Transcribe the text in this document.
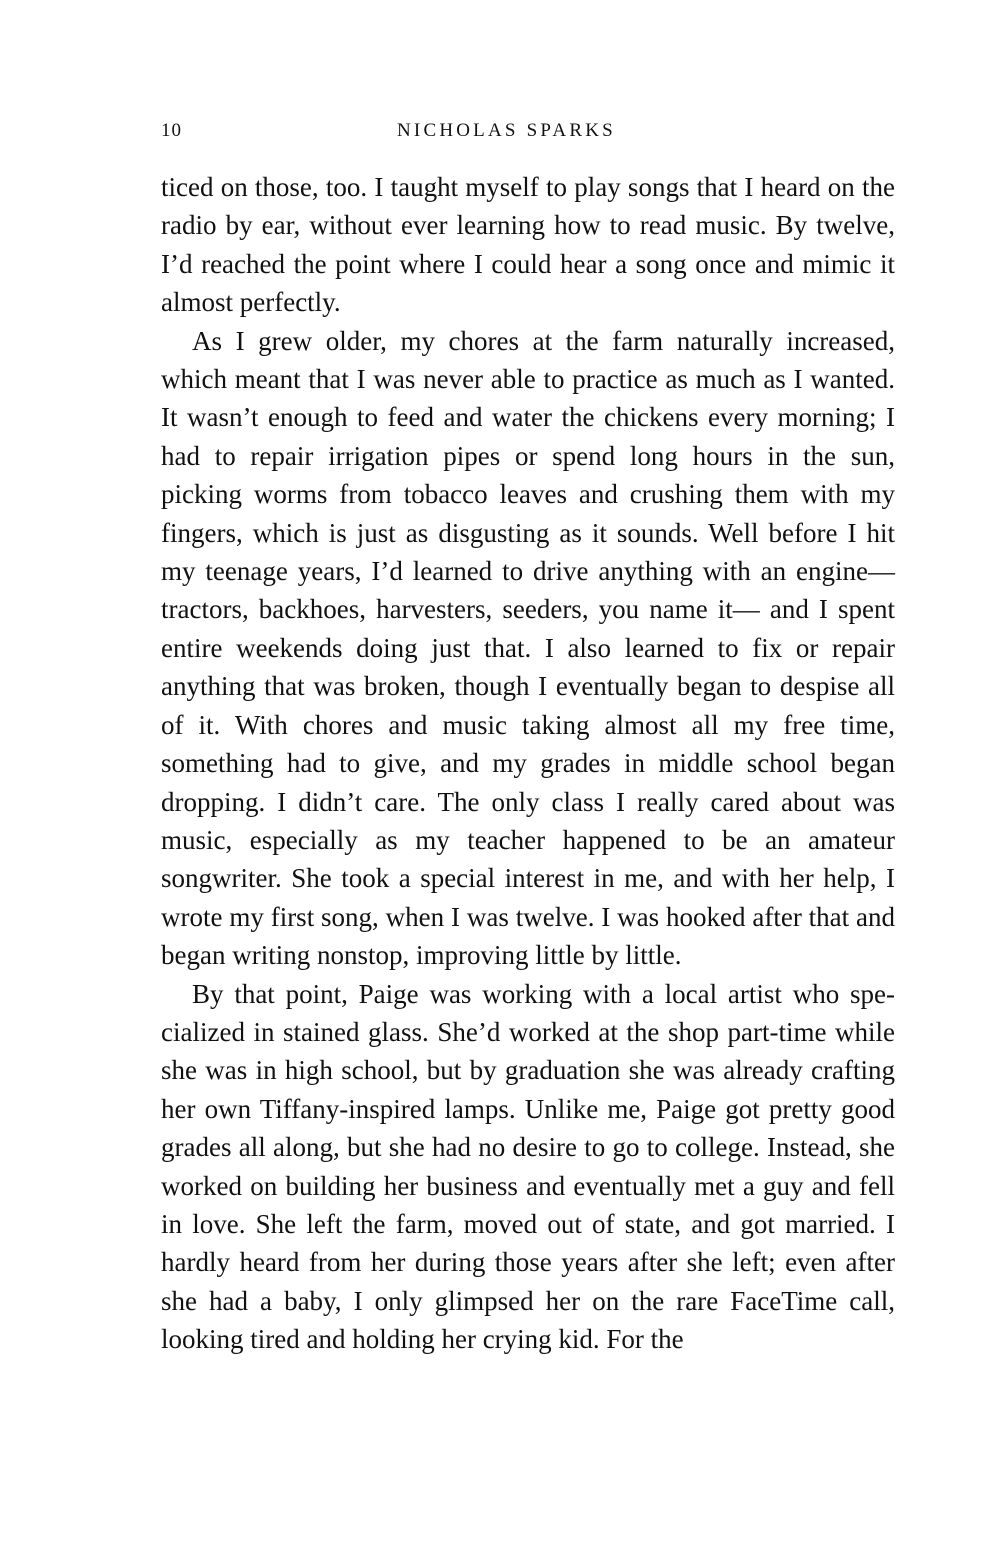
10	NICHOLAS SPARKS

ticed on those, too. I taught myself to play songs that I heard on the radio by ear, without ever learning how to read music. By twelve, I’d reached the point where I could hear a song once and mimic it almost perfectly.

As I grew older, my chores at the farm naturally increased, which meant that I was never able to practice as much as I wanted. It wasn’t enough to feed and water the chickens every morning; I had to repair irrigation pipes or spend long hours in the sun, picking worms from tobacco leaves and crushing them with my fingers, which is just as disgusting as it sounds. Well before I hit my teenage years, I’d learned to drive anything with an engine—tractors, backhoes, harvesters, seeders, you name it— and I spent entire weekends doing just that. I also learned to fix or repair anything that was broken, though I eventually began to despise all of it. With chores and music taking almost all my free time, something had to give, and my grades in middle school began dropping. I didn’t care. The only class I really cared about was music, especially as my teacher happened to be an amateur songwriter. She took a special interest in me, and with her help, I wrote my first song, when I was twelve. I was hooked after that and began writing nonstop, improving little by little.

By that point, Paige was working with a local artist who specialized in stained glass. She’d worked at the shop part-time while she was in high school, but by graduation she was already crafting her own Tiffany-inspired lamps. Unlike me, Paige got pretty good grades all along, but she had no desire to go to college. Instead, she worked on building her business and eventually met a guy and fell in love. She left the farm, moved out of state, and got married. I hardly heard from her during those years after she left; even after she had a baby, I only glimpsed her on the rare FaceTime call, looking tired and holding her crying kid. For the
